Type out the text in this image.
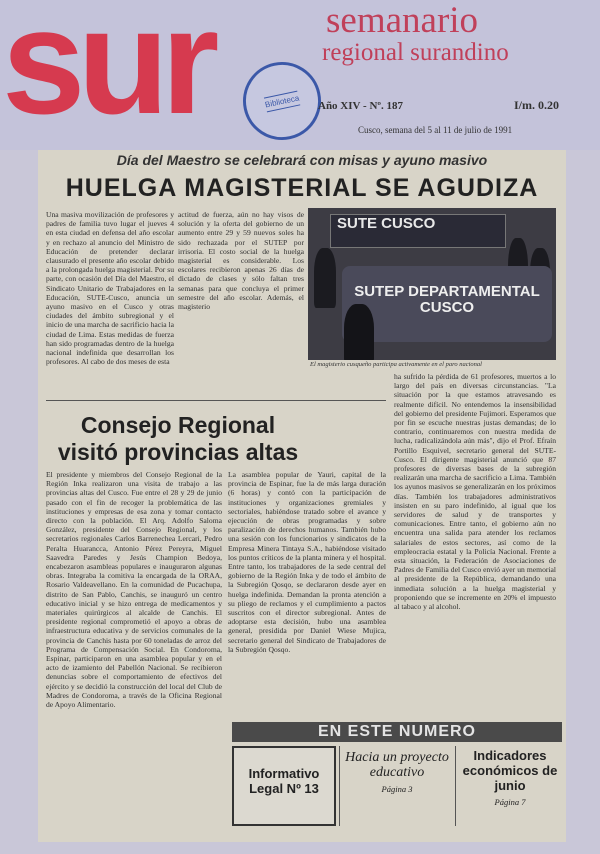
sur	Biblioteca
semanario
regional surandino
Año XIV - Nº. 187	I/m. 0.20
Cusco, semana del 5 al 11 de julio de 1991
Día del Maestro se celebrará con misas y ayuno masivo
HUELGA MAGISTERIAL SE AGUDIZA
Una masiva movilización de profesores y padres de familia tuvo lugar el jueves 4 en esta ciudad en defensa del año escolar y en rechazo al anuncio del Ministro de Educación de pretender declarar clausurado el presente año escolar debido a la prolongada huelga magisterial. Por su parte, con ocasión del Día del Maestro, el Sindicato Unitario de Trabajadores en la Educación, SUTE-Cusco, anuncia un ayuno masivo en el Cusco y otras ciudades del ámbito subregional y el inicio de una marcha de sacrificio hacia la ciudad de Lima. Estas medidas de fuerza han sido programadas dentro de la huelga nacional indefinida que desarrollan los profesores. Al cabo de dos meses de esta
actitud de fuerza, aún no hay visos de solución y la oferta del gobierno de un aumento entre 29 y 59 nuevos soles ha sido rechazada por el SUTEP por irrisoria. El costo social de la huelga magisterial es considerable. Los escolares recibieron apenas 26 días de dictado de clases y sólo faltan tres semanas para que concluya el primer semestre del año escolar. Además, el magisterio
SUTE CUSCO
SUTEP DEPARTAMENTAL CUSCO
El magisterio cusqueño participa activamente en el paro nacional
ha sufrido la pérdida de 61 profesores, muertos a lo largo del país en diversas circunstancias. "La situación por la que estamos atravesando es realmente difícil. No entendemos la insensibilidad del gobierno del presidente Fujimori. Esperamos que por fin se escuche nuestras justas demandas; de lo contrario, continuaremos con nuestra medida de lucha, radicalizándola aún más", dijo el Prof. Efraín Portillo Esquivel, secretario general del SUTE-Cusco. El dirigente magisterial anunció que 87 profesores de diversas bases de la subregión realizarán una marcha de sacrificio a Lima. También los ayunos masivos se generalizarán en los próximos días. También los trabajadores administrativos insisten en su paro indefinido, al igual que los servidores de salud y de transportes y comunicaciones. Entre tanto, el gobierno aún no encuentra una salida para atender los reclamos salariales de estos sectores, así como de la empleocracia estatal y la Policía Nacional. Frente a esta situación, la Federación de Asociaciones de Padres de Familia del Cusco envió ayer un memorial al presidente de la República, demandando una inmediata solución a la huelga magisterial y proponiendo que se incremente en 20% el impuesto al tabaco y al alcohol.
Consejo Regional visitó provincias altas
El presidente y miembros del Consejo Regional de la Región Inka realizaron una visita de trabajo a las provincias altas del Cusco. Fue entre el 28 y 29 de junio pasado con el fin de recoger la problemática de las instituciones y empresas de esa zona y tomar contacto directo con la población. El Arq. Adolfo Saloma González, presidente del Consejo Regional, y los secretarios regionales Carlos Barrenechea Lercari, Pedro Peralta Huarancca, Antonio Pérez Pereyra, Miguel Saavedra Paredes y Jesús Champion Bedoya, encabezaron asambleas populares e inauguraron algunas obras. Integraba la comitiva la encargada de la ORAA, Rosario Valdeavellano. En la comunidad de Pucachupa, distrito de San Pablo, Canchis, se inauguró un centro educativo inicial y se hizo entrega de medicamentos y materiales quirúrgicos al alcalde de Canchis. El presidente regional comprometió el apoyo a obras de infraestructura educativa y de servicios comunales de la provincia de Canchis hasta por 60 toneladas de arroz del Programa de Compensación Social. En Condoroma, Espinar, participaron en una asamblea popular y en el acto de izamiento del Pabellón Nacional. Se recibieron denuncias sobre el comportamiento de efectivos del ejército y se decidió la construcción del local del Club de Madres de Condoroma, a través de la Oficina Regional de Apoyo Alimentario.
La asamblea popular de Yauri, capital de la provincia de Espinar, fue la de más larga duración (6 horas) y contó con la participación de instituciones y organizaciones gremiales y sectoriales, habiéndose tratado sobre el avance y ejecución de obras programadas y sobre paralización de derechos humanos. También hubo una sesión con los funcionarios y sindicatos de la Empresa Minera Tintaya S.A., habiéndose visitado los puntos críticos de la planta minera y el hospital. Entre tanto, los trabajadores de la sede central del gobierno de la Región Inka y de todo el ámbito de la Subregión Qosqo, se declararon desde ayer en huelga indefinida. Demandan la pronta atención a su pliego de reclamos y el cumplimiento a pactos suscritos con el director subregional. Antes de adoptarse esta decisión, hubo una asamblea general, presidida por Daniel Wiese Mujica, secretario general del Sindicato de Trabajadores de la Subregión Qosqo.
EN ESTE NUMERO
Informativo Legal Nº 13
Hacia un proyecto educativo
Página 3
Indicadores económicos de junio
Página 7
